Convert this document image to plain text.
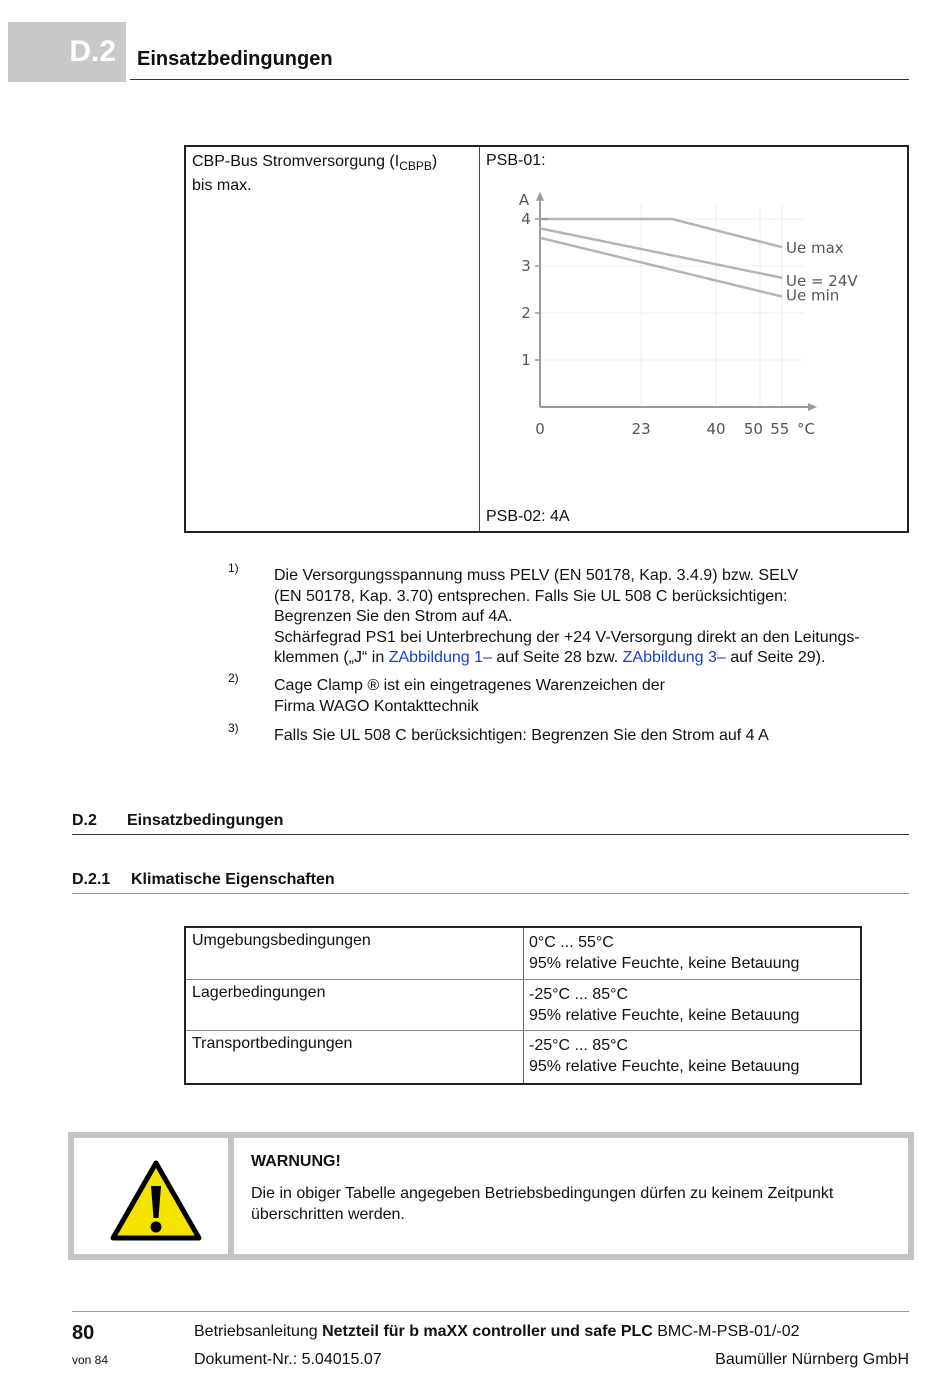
D.2 Einsatzbedingungen
CBP-Bus Stromversorgung $(I_{CBPB})$
bis max.
PSB-01:
1
2
3
4
A
0	23	40 50 55 °C
Ue max
Ue = 24V
Ue min
PSB-02: 4A
1) Die Versorgungsspannung muss PELV (EN 50178, Kap. 3.4.9) bzw. SELV
(EN 50178, Kap. 3.70) entsprechen. Falls Sie UL 508 C berücksichtigen:
Begrenzen Sie den Strom auf 4A.
Schärfegrad PS1 bei Unterbrechung der +24 V-Versorgung direkt an den Leitungs-
klemmen („J“ in ZAbbildung 1– auf Seite 28 bzw. ZAbbildung 3– auf Seite 29).
2) Cage Clamp ® ist ein eingetragenes Warenzeichen der
Firma WAGO Kontakttechnik
3) Falls Sie UL 508 C berücksichtigen: Begrenzen Sie den Strom auf 4 A
D.2 Einsatzbedingungen
D.2.1 Klimatische Eigenschaften
Umgebungsbedingungen	0°C ... 55°C
95% relative Feuchte, keine Betauung
Lagerbedingungen	-25°C ... 85°C
95% relative Feuchte, keine Betauung
Transportbedingungen	-25°C ... 85°C
95% relative Feuchte, keine Betauung
WARNUNG!
Die in obiger Tabelle angegeben Betriebsbedingungen dürfen zu keinem Zeitpunkt
überschritten werden.
80
von 84
Betriebsanleitung Netzteil für b maXX controller und safe PLC BMC-M-PSB-01/-02
Dokument-Nr.: 5.04015.07	Baumüller Nürnberg GmbH
